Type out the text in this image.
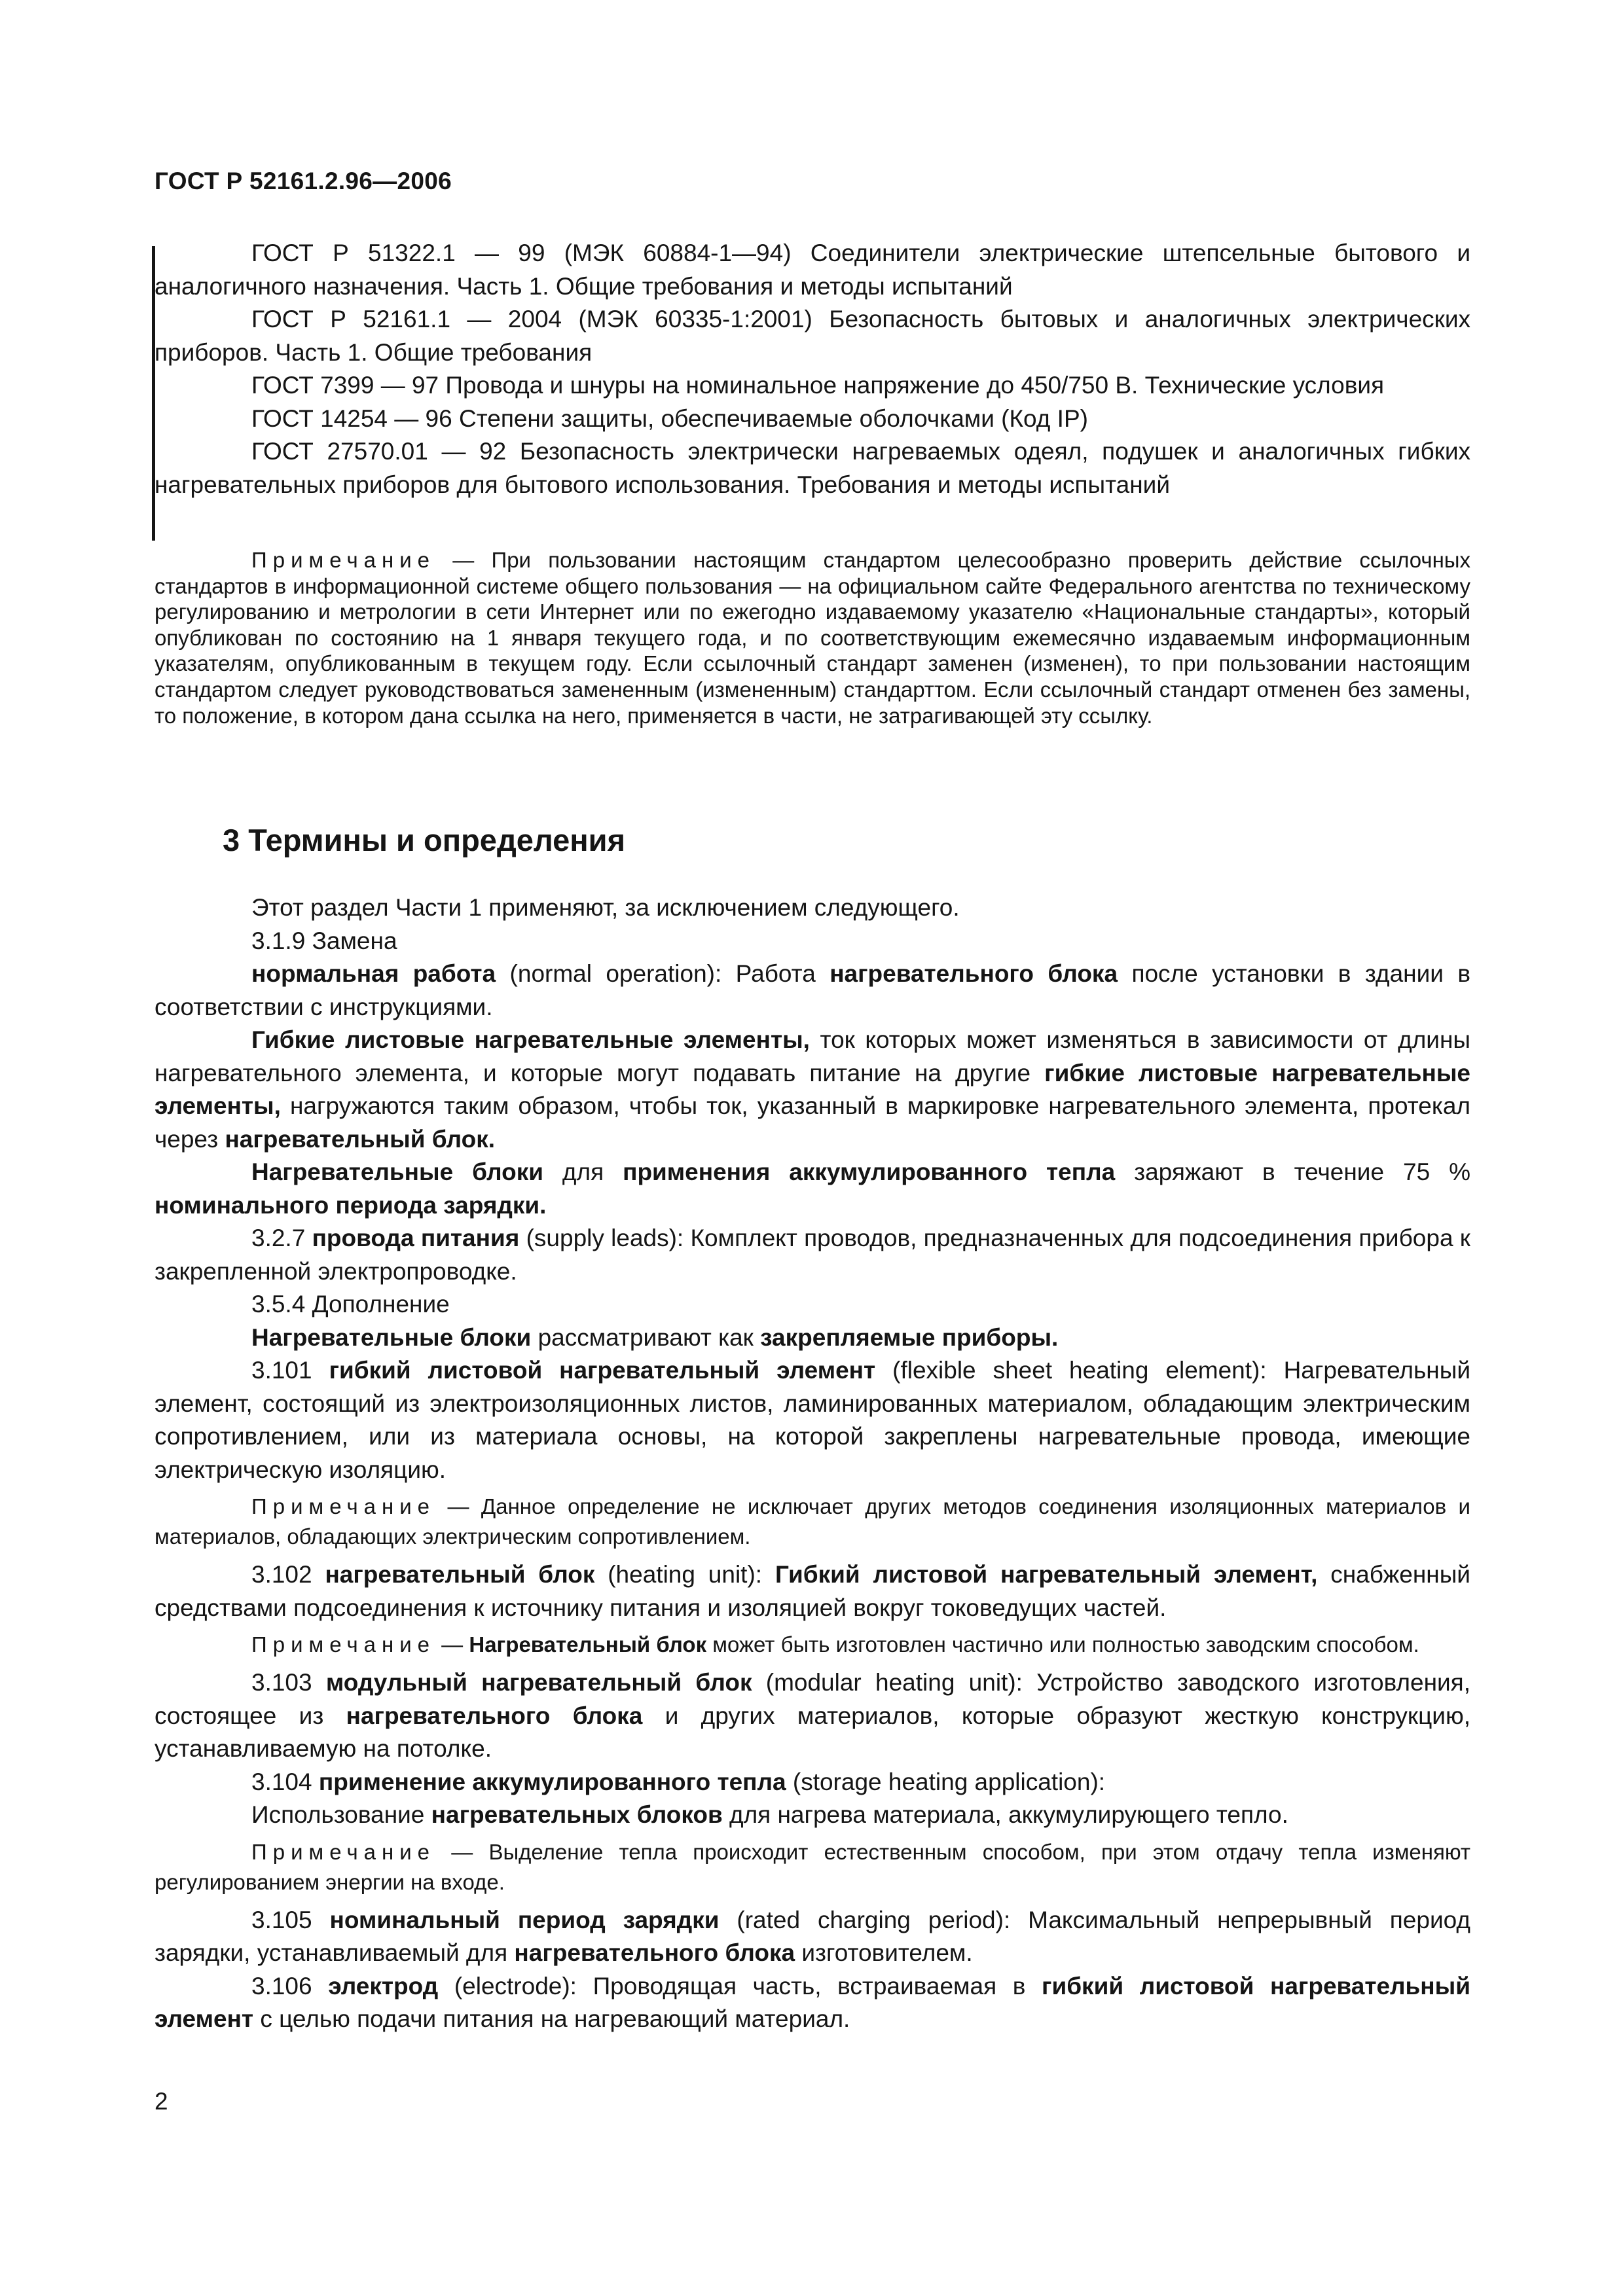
ГОСТ Р 52161.2.96—2006

ГОСТ Р 51322.1 — 99 (МЭК 60884-1—94) Соединители электрические штепсельные бытового и аналогичного назначения. Часть 1. Общие требования и методы испытаний

ГОСТ Р 52161.1 — 2004 (МЭК 60335-1:2001) Безопасность бытовых и аналогичных электрических приборов. Часть 1. Общие требования

ГОСТ 7399 — 97 Провода и шнуры на номинальное напряжение до 450/750 В. Технические условия

ГОСТ 14254 — 96 Степени защиты, обеспечиваемые оболочками (Код IP)

ГОСТ 27570.01 — 92 Безопасность электрически нагреваемых одеял, подушек и аналогичных гибких нагревательных приборов для бытового использования. Требования и методы испытаний

Примечание — При пользовании настоящим стандартом целесообразно проверить действие ссылочных стандартов в информационной системе общего пользования — на официальном сайте Федерального агентства по техническому регулированию и метрологии в сети Интернет или по ежегодно издаваемому указателю «Национальные стандарты», который опубликован по состоянию на 1 января текущего года, и по соответствующим ежемесячно издаваемым информационным указателям, опубликованным в текущем году. Если ссылочный стандарт заменен (изменен), то при пользовании настоящим стандартом следует руководствоваться замененным (измененным) стандарттом. Если ссылочный стандарт отменен без замены, то положение, в котором дана ссылка на него, применяется в части, не затрагивающей эту ссылку.

3 Термины и определения

Этот раздел Части 1 применяют, за исключением следующего.

3.1.9 Замена

нормальная работа (normal operation): Работа нагревательного блока после установки в здании в соответствии с инструкциями.

Гибкие листовые нагревательные элементы, ток которых может изменяться в зависимости от длины нагревательного элемента, и которые могут подавать питание на другие гибкие листовые нагревательные элементы, нагружаются таким образом, чтобы ток, указанный в маркировке нагревательного элемента, протекал через нагревательный блок.

Нагревательные блоки для применения аккумулированного тепла заряжают в течение 75 % номинального периода зарядки.

3.2.7 провода питания (supply leads): Комплект проводов, предназначенных для подсоединения прибора к закрепленной электропроводке.

3.5.4 Дополнение

Нагревательные блоки рассматривают как закрепляемые приборы.

3.101 гибкий листовой нагревательный элемент (flexible sheet heating element): Нагревательный элемент, состоящий из электроизоляционных листов, ламинированных материалом, обладающим электрическим сопротивлением, или из материала основы, на которой закреплены нагревательные провода, имеющие электрическую изоляцию.

Примечание — Данное определение не исключает других методов соединения изоляционных материалов и материалов, обладающих электрическим сопротивлением.

3.102 нагревательный блок (heating unit): Гибкий листовой нагревательный элемент, снабженный средствами подсоединения к источнику питания и изоляцией вокруг токоведущих частей.

Примечание — Нагревательный блок может быть изготовлен частично или полностью заводским способом.

3.103 модульный нагревательный блок (modular heating unit): Устройство заводского изготовления, состоящее из нагревательного блока и других материалов, которые образуют жесткую конструкцию, устанавливаемую на потолке.

3.104 применение аккумулированного тепла (storage heating application):

Использование нагревательных блоков для нагрева материала, аккумулирующего тепло.

Примечание — Выделение тепла происходит естественным способом, при этом отдачу тепла изменяют регулированием энергии на входе.

3.105 номинальный период зарядки (rated charging period): Максимальный непрерывный период зарядки, устанавливаемый для нагревательного блока изготовителем.

3.106 электрод (electrode): Проводящая часть, встраиваемая в гибкий листовой нагревательный элемент с целью подачи питания на нагревающий материал.

2
